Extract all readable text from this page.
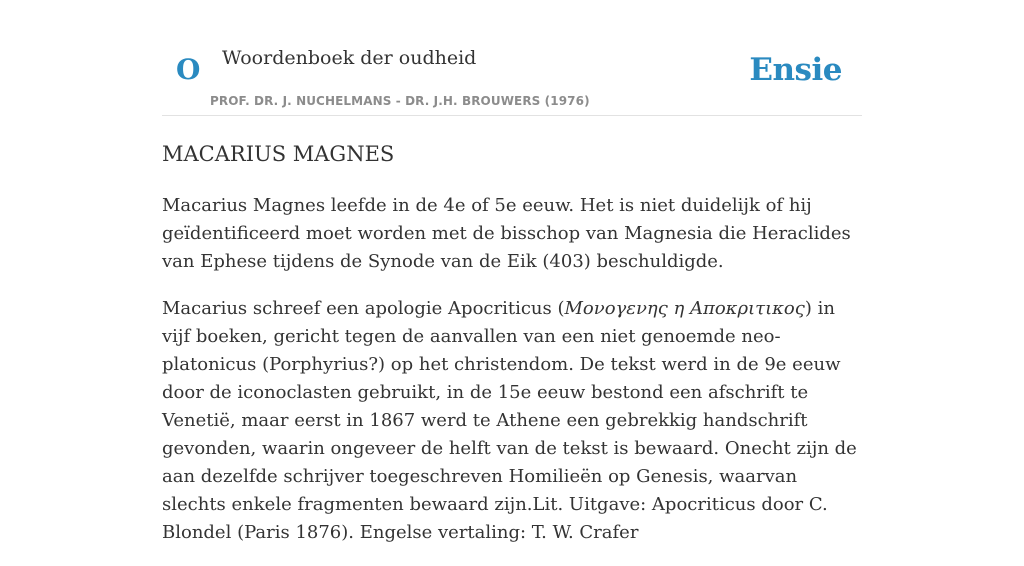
O Woordenboek der oudheid
PROF. DR. J. NUCHELMANS - DR. J.H. BROUWERS (1976)
Ensie
MACARIUS MAGNES

Macarius Magnes leefde in de 4e of 5e eeuw. Het is niet duidelijk of hij geïdentificeerd moet worden met de bisschop van Magnesia die Heraclides van Ephese tijdens de Synode van de Eik (403) beschuldigde.

Macarius schreef een apologie Apocriticus (Μονογενης η Αποκριτικος) in vijf boeken, gericht tegen de aanvallen van een niet genoemde neo-platonicus (Porphyrius?) op het christendom. De tekst werd in de 9e eeuw door de iconoclasten gebruikt, in de 15e eeuw bestond een afschrift te Venetië, maar eerst in 1867 werd te Athene een gebrekkig handschrift gevonden, waarin ongeveer de helft van de tekst is bewaard. Onecht zijn de aan dezelfde schrijver toegeschreven Homilieën op Genesis, waarvan slechts enkele fragmenten bewaard zijn.Lit. Uitgave: Apocriticus door C. Blondel (Paris 1876). Engelse vertaling: T. W. Crafer
